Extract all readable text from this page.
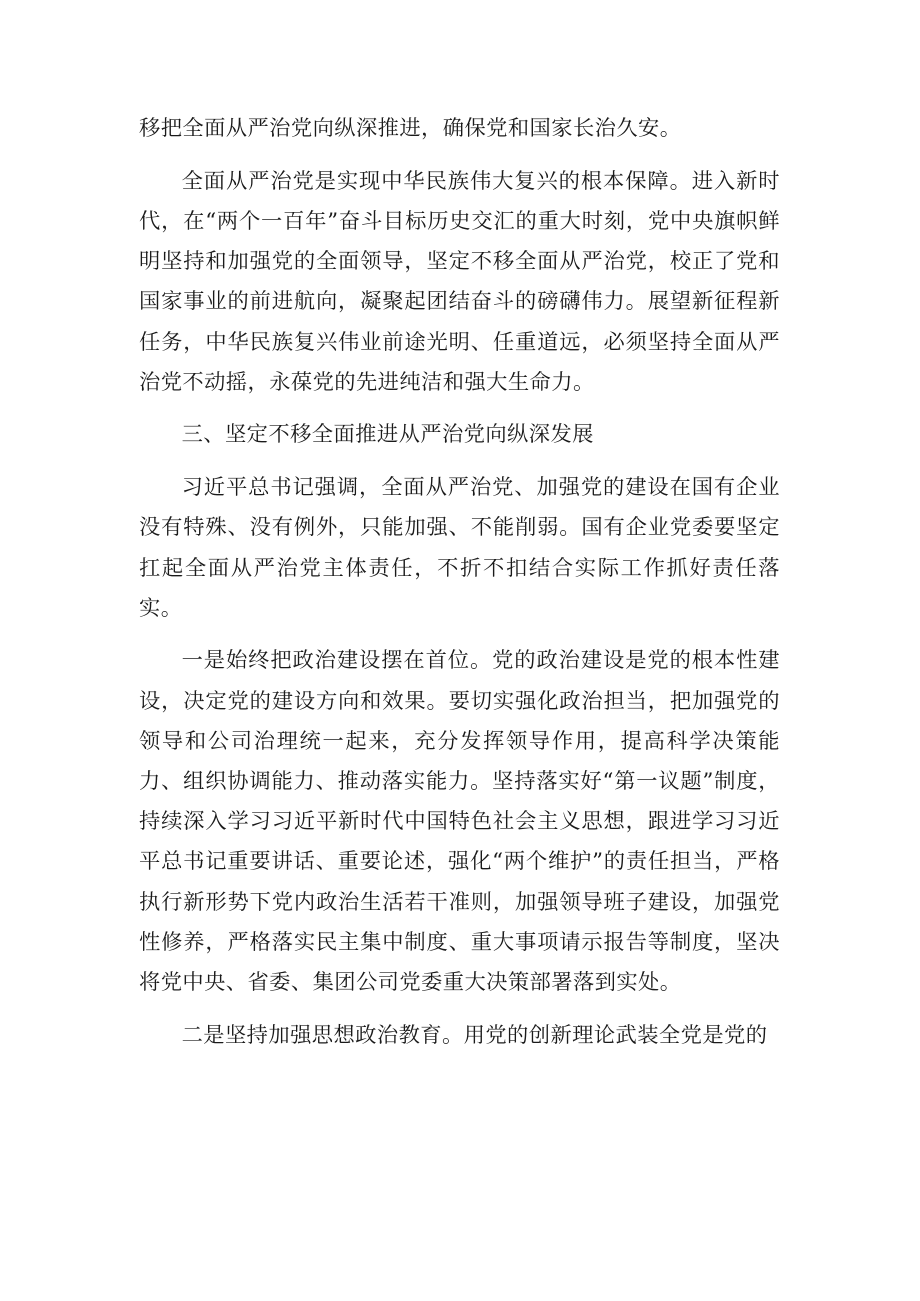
移把全面从严治党向纵深推进，确保党和国家长治久安。

全面从严治党是实现中华民族伟大复兴的根本保障。进入新时代，在“两个一百年”奋斗目标历史交汇的重大时刻，党中央旗帜鲜明坚持和加强党的全面领导，坚定不移全面从严治党，校正了党和国家事业的前进航向，凝聚起团结奋斗的磅礴伟力。展望新征程新任务，中华民族复兴伟业前途光明、任重道远，必须坚持全面从严治党不动摇，永葆党的先进纯洁和强大生命力。

三、坚定不移全面推进从严治党向纵深发展

习近平总书记强调，全面从严治党、加强党的建设在国有企业没有特殊、没有例外，只能加强、不能削弱。国有企业党委要坚定扛起全面从严治党主体责任，不折不扣结合实际工作抓好责任落实。

一是始终把政治建设摆在首位。党的政治建设是党的根本性建设，决定党的建设方向和效果。要切实强化政治担当，把加强党的领导和公司治理统一起来，充分发挥领导作用，提高科学决策能力、组织协调能力、推动落实能力。坚持落实好“第一议题”制度，持续深入学习习近平新时代中国特色社会主义思想，跟进学习习近平总书记重要讲话、重要论述，强化“两个维护”的责任担当，严格执行新形势下党内政治生活若干准则，加强领导班子建设，加强党性修养，严格落实民主集中制度、重大事项请示报告等制度，坚决将党中央、省委、集团公司党委重大决策部署落到实处。

二是坚持加强思想政治教育。用党的创新理论武装全党是党的
